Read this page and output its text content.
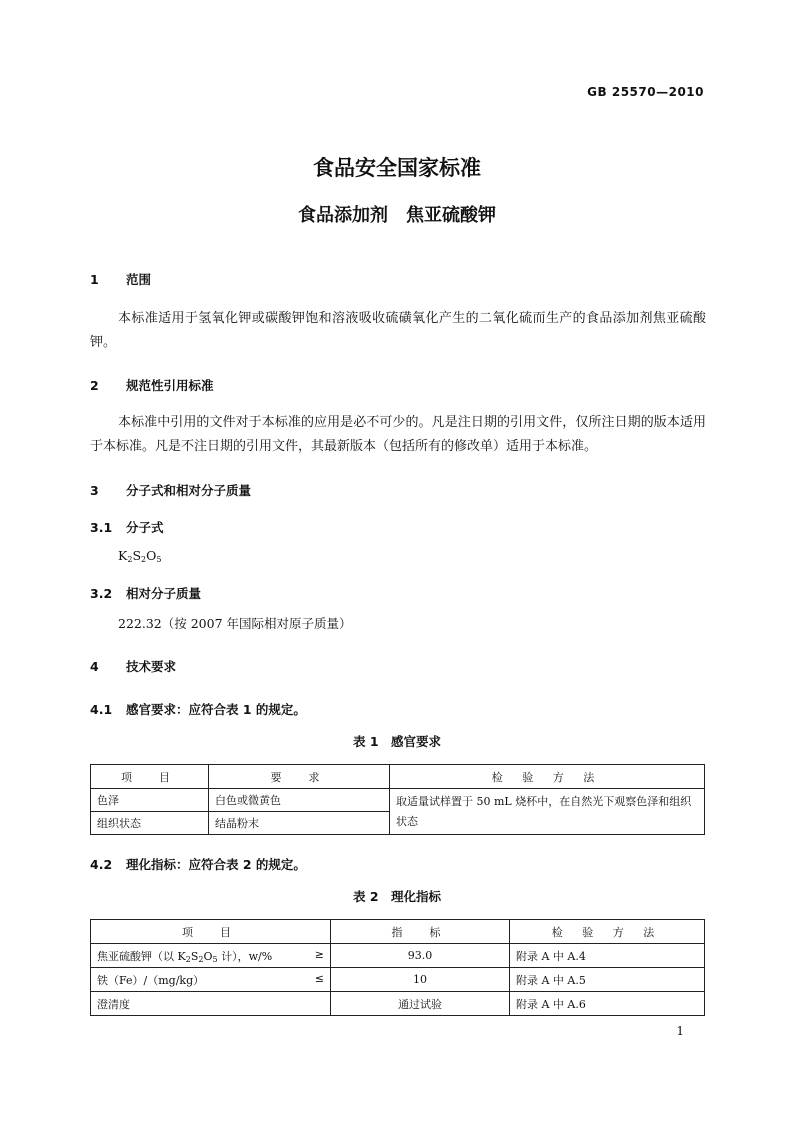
GB 25570—2010
食品安全国家标准
食品添加剂　焦亚硫酸钾
1 范围
本标准适用于氢氧化钾或碳酸钾饱和溶液吸收硫磺氧化产生的二氧化硫而生产的食品添加剂焦亚硫酸钾。
2 规范性引用标准
本标准中引用的文件对于本标准的应用是必不可少的。凡是注日期的引用文件，仅所注日期的版本适用于本标准。凡是不注日期的引用文件，其最新版本（包括所有的修改单）适用于本标准。
3 分子式和相对分子质量
3.1 分子式
$K_2S_2O_5$
3.2 相对分子质量
222.32（按 2007 年国际相对原子质量）
4 技术要求
4.1 感官要求：应符合表 1 的规定。
表 1　感官要求
项　目	要　求	检 验 方 法
色泽	白色或微黄色	取适量试样置于 50 mL 烧杯中，在自然光下观察色泽和组织状态
组织状态	结晶粉末	
4.2 理化指标：应符合表 2 的规定。
表 2　理化指标
项　目	指　标	检 验 方 法
焦亚硫酸钾（以 $K_2S_2O_5$ 计），w/% ≥	93.0	附录 A 中 A.4
铁（Fe）/（mg/kg） ≤	10	附录 A 中 A.5
澄清度	通过试验	附录 A 中 A.6
1
